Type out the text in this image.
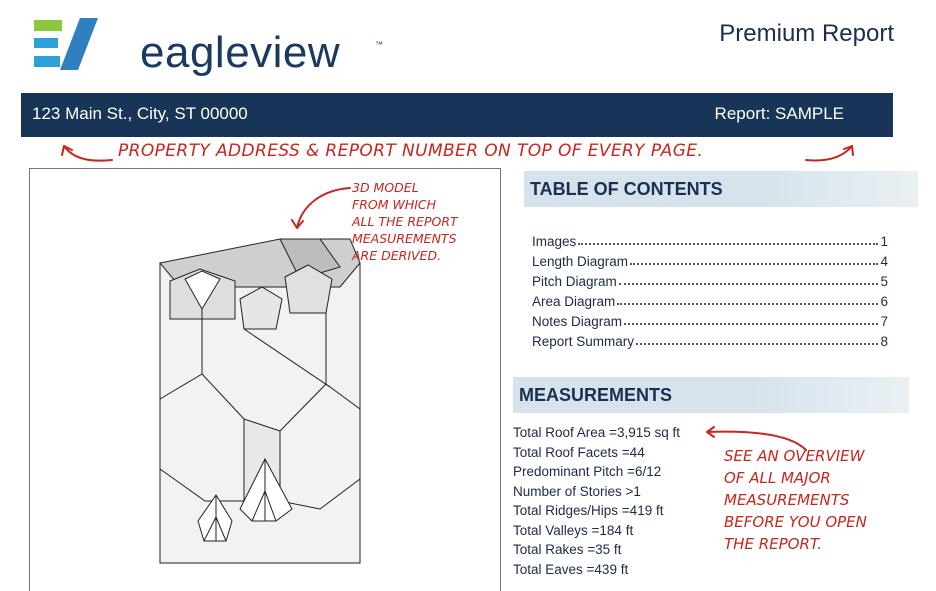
eagleview	™	Premium Report
123 Main St., City, ST 00000	Report: SAMPLE
PROPERTY ADDRESS & REPORT NUMBER ON TOP OF EVERY PAGE.
3D MODEL
FROM WHICH
ALL THE REPORT
MEASUREMENTS
ARE DERIVED.
TABLE OF CONTENTS
Images	1
Length Diagram	4
Pitch Diagram	5
Area Diagram	6
Notes Diagram	7
Report Summary	8
MEASUREMENTS
Total Roof Area =3,915 sq ft
Total Roof Facets =44
Predominant Pitch =6/12
Number of Stories >1
Total Ridges/Hips =419 ft
Total Valleys =184 ft
Total Rakes =35 ft
Total Eaves =439 ft
SEE AN OVERVIEW
OF ALL MAJOR
MEASUREMENTS
BEFORE YOU OPEN
THE REPORT.
